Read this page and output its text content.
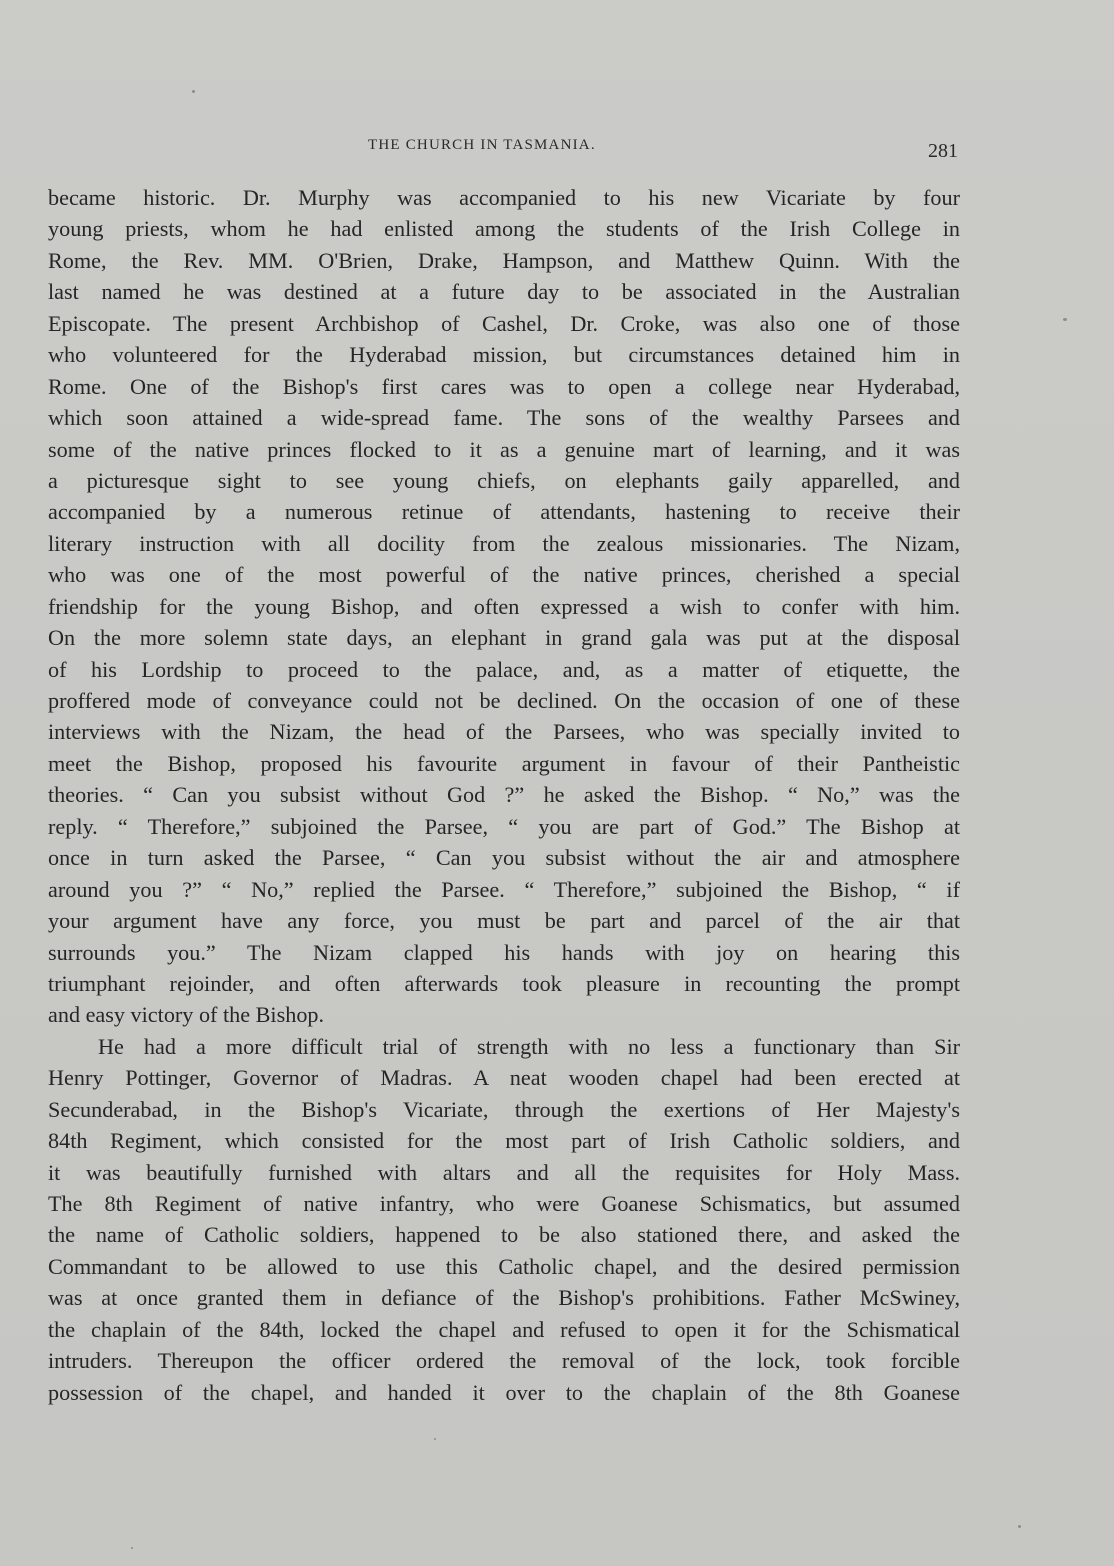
THE CHURCH IN TASMANIA.	281
became historic. Dr. Murphy was accompanied to his new Vicariate by four
young priests, whom he had enlisted among the students of the Irish College in
Rome, the Rev. MM. O'Brien, Drake, Hampson, and Matthew Quinn. With the
last named he was destined at a future day to be associated in the Australian
Episcopate. The present Archbishop of Cashel, Dr. Croke, was also one of those
who volunteered for the Hyderabad mission, but circumstances detained him in
Rome. One of the Bishop's first cares was to open a college near Hyderabad,
which soon attained a wide-spread fame. The sons of the wealthy Parsees and
some of the native princes flocked to it as a genuine mart of learning, and it was
a picturesque sight to see young chiefs, on elephants gaily apparelled, and
accompanied by a numerous retinue of attendants, hastening to receive their
literary instruction with all docility from the zealous missionaries. The Nizam,
who was one of the most powerful of the native princes, cherished a special
friendship for the young Bishop, and often expressed a wish to confer with him.
On the more solemn state days, an elephant in grand gala was put at the disposal
of his Lordship to proceed to the palace, and, as a matter of etiquette, the
proffered mode of conveyance could not be declined. On the occasion of one of these
interviews with the Nizam, the head of the Parsees, who was specially invited to
meet the Bishop, proposed his favourite argument in favour of their Pantheistic
theories. “ Can you subsist without God ?” he asked the Bishop. “ No,” was the
reply. “ Therefore,” subjoined the Parsee, “ you are part of God.” The Bishop at
once in turn asked the Parsee, “ Can you subsist without the air and atmosphere
around you ?” “ No,” replied the Parsee. “ Therefore,” subjoined the Bishop, “ if
your argument have any force, you must be part and parcel of the air that
surrounds you.” The Nizam clapped his hands with joy on hearing this
triumphant rejoinder, and often afterwards took pleasure in recounting the prompt
and easy victory of the Bishop.
He had a more difficult trial of strength with no less a functionary than Sir
Henry Pottinger, Governor of Madras. A neat wooden chapel had been erected at
Secunderabad, in the Bishop's Vicariate, through the exertions of Her Majesty's
84th Regiment, which consisted for the most part of Irish Catholic soldiers, and
it was beautifully furnished with altars and all the requisites for Holy Mass.
The 8th Regiment of native infantry, who were Goanese Schismatics, but assumed
the name of Catholic soldiers, happened to be also stationed there, and asked the
Commandant to be allowed to use this Catholic chapel, and the desired permission
was at once granted them in defiance of the Bishop's prohibitions. Father McSwiney,
the chaplain of the 84th, locked the chapel and refused to open it for the Schismatical
intruders. Thereupon the officer ordered the removal of the lock, took forcible
possession of the chapel, and handed it over to the chaplain of the 8th Goanese
